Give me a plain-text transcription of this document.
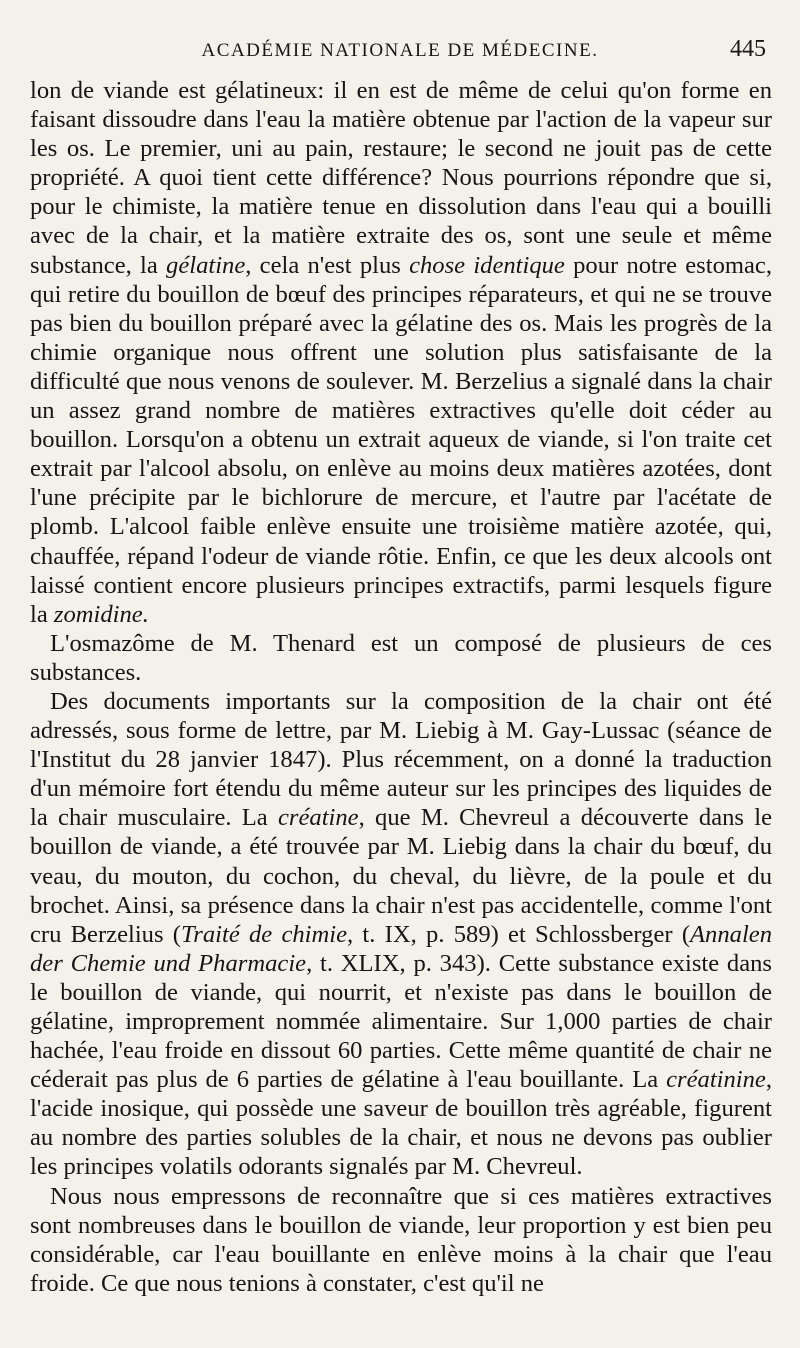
ACADÉMIE NATIONALE DE MÉDECINE.	445

lon de viande est gélatineux: il en est de même de celui qu'on forme en faisant dissoudre dans l'eau la matière obtenue par l'action de la vapeur sur les os. Le premier, uni au pain, restaure; le second ne jouit pas de cette propriété. A quoi tient cette différence? Nous pourrions répondre que si, pour le chimiste, la matière tenue en dissolution dans l'eau qui a bouilli avec de la chair, et la matière extraite des os, sont une seule et même substance, la gélatine, cela n'est plus chose identique pour notre estomac, qui retire du bouillon de bœuf des principes réparateurs, et qui ne se trouve pas bien du bouillon préparé avec la gélatine des os. Mais les progrès de la chimie organique nous offrent une solution plus satisfaisante de la difficulté que nous venons de soulever. M. Berzelius a signalé dans la chair un assez grand nombre de matières extractives qu'elle doit céder au bouillon. Lorsqu'on a obtenu un extrait aqueux de viande, si l'on traite cet extrait par l'alcool absolu, on enlève au moins deux matières azotées, dont l'une précipite par le bichlorure de mercure, et l'autre par l'acétate de plomb. L'alcool faible enlève ensuite une troisième matière azotée, qui, chauffée, répand l'odeur de viande rôtie. Enfin, ce que les deux alcools ont laissé contient encore plusieurs principes extractifs, parmi lesquels figure la zomidine.

L'osmazôme de M. Thenard est un composé de plusieurs de ces substances.

Des documents importants sur la composition de la chair ont été adressés, sous forme de lettre, par M. Liebig à M. Gay-Lussac (séance de l'Institut du 28 janvier 1847). Plus récemment, on a donné la traduction d'un mémoire fort étendu du même auteur sur les principes des liquides de la chair musculaire. La créatine, que M. Chevreul a découverte dans le bouillon de viande, a été trouvée par M. Liebig dans la chair du bœuf, du veau, du mouton, du cochon, du cheval, du lièvre, de la poule et du brochet. Ainsi, sa présence dans la chair n'est pas accidentelle, comme l'ont cru Berzelius (Traité de chimie, t. IX, p. 589) et Schlossberger (Annalen der Chemie und Pharmacie, t. XLIX, p. 343). Cette substance existe dans le bouillon de viande, qui nourrit, et n'existe pas dans le bouillon de gélatine, improprement nommée alimentaire. Sur 1,000 parties de chair hachée, l'eau froide en dissout 60 parties. Cette même quantité de chair ne céderait pas plus de 6 parties de gélatine à l'eau bouillante. La créatinine, l'acide inosique, qui possède une saveur de bouillon très agréable, figurent au nombre des parties solubles de la chair, et nous ne devons pas oublier les principes volatils odorants signalés par M. Chevreul.

Nous nous empressons de reconnaître que si ces matières extractives sont nombreuses dans le bouillon de viande, leur proportion y est bien peu considérable, car l'eau bouillante en enlève moins à la chair que l'eau froide. Ce que nous tenions à constater, c'est qu'il ne
